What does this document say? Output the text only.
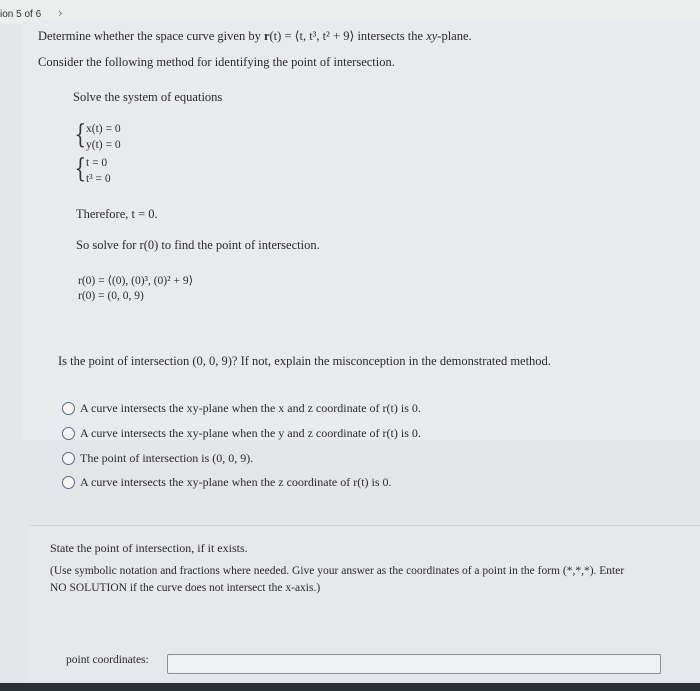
ion 5 of 6 ›
Determine whether the space curve given by r(t) = ⟨t, t³, t² + 9⟩ intersects the xy-plane.
Consider the following method for identifying the point of intersection.
Solve the system of equations
{ x(t) = 0
y(t) = 0
{ t = 0
t³ = 0
Therefore, t = 0.
So solve for r(0) to find the point of intersection.
r(0) = ⟨(0), (0)³, (0)² + 9⟩
r(0) = (0, 0, 9)
Is the point of intersection (0, 0, 9)? If not, explain the misconception in the demonstrated method.
A curve intersects the xy-plane when the x and z coordinate of r(t) is 0.
A curve intersects the xy-plane when the y and z coordinate of r(t) is 0.
The point of intersection is (0, 0, 9).
A curve intersects the xy-plane when the z coordinate of r(t) is 0.
State the point of intersection, if it exists.
(Use symbolic notation and fractions where needed. Give your answer as the coordinates of a point in the form (*,*,*). Enter
NO SOLUTION if the curve does not intersect the x-axis.)
point coordinates:
